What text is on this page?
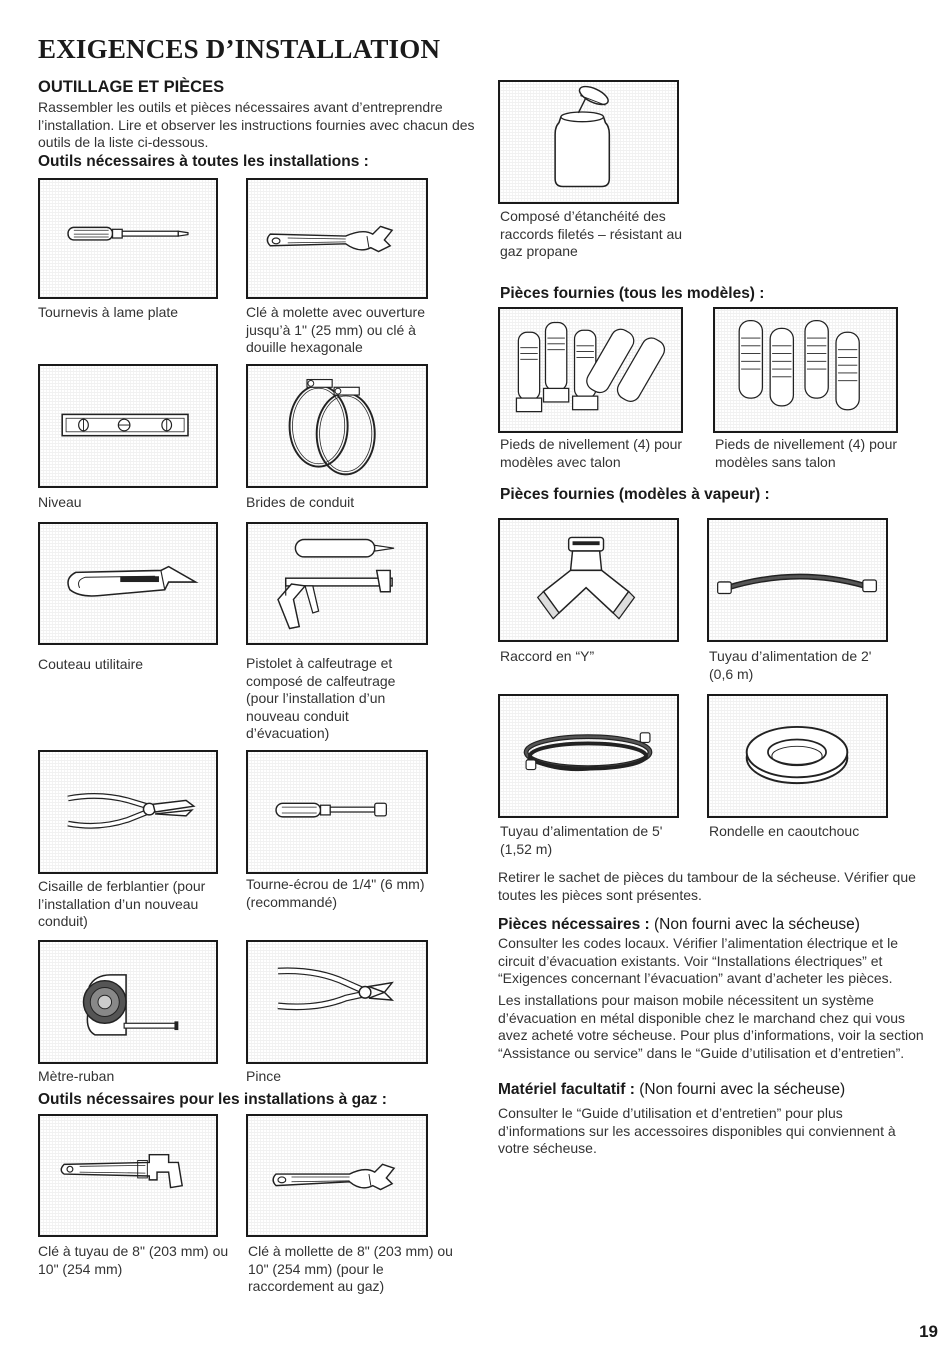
EXIGENCES D’INSTALLATION
OUTILLAGE ET PIÈCES
Rassembler les outils et pièces nécessaires avant d’entreprendre l’installation. Lire et observer les instructions fournies avec chacun des outils de la liste ci-dessous.
Outils nécessaires à toutes les installations :
Tournevis à lame plate	Clé à molette avec ouverture jusqu’à 1" (25 mm) ou clé à douille hexagonale
Niveau	Brides de conduit
Couteau utilitaire	Pistolet à calfeutrage et composé de calfeutrage (pour l’installation d’un nouveau conduit d’évacuation)
Cisaille de ferblantier (pour l’installation d’un nouveau conduit)
Tourne-écrou de 1/4" (6 mm) (recommandé)
Mètre-ruban	Pince
Outils nécessaires pour les installations à gaz :
Clé à tuyau de 8" (203 mm) ou 10" (254 mm)
Clé à mollette de 8" (203 mm) ou 10" (254 mm) (pour le raccordement au gaz)
Composé d’étanchéité des raccords filetés – résistant au gaz propane
Pièces fournies (tous les modèles) :
Pieds de nivellement (4) pour modèles avec talon
Pieds de nivellement (4) pour modèles sans talon
Pièces fournies (modèles à vapeur) :
Raccord en “Y”	Tuyau d’alimentation de 2' (0,6 m)
Tuyau d’alimentation de 5' (1,52 m)
Rondelle en caoutchouc
Retirer le sachet de pièces du tambour de la sécheuse. Vérifier que toutes les pièces sont présentes.
Pièces nécessaires : (Non fourni avec la sécheuse)
Consulter les codes locaux. Vérifier l’alimentation électrique et le circuit d’évacuation existants. Voir “Installations électriques” et “Exigences concernant l’évacuation” avant d’acheter les pièces.
Les installations pour maison mobile nécessitent un système d’évacuation en métal disponible chez le marchand chez qui vous avez acheté votre sécheuse. Pour plus d’informations, voir la section “Assistance ou service” dans le “Guide d’utilisation et d’entretien”.
Matériel facultatif : (Non fourni avec la sécheuse)
Consulter le “Guide d’utilisation et d’entretien” pour plus d’informations sur les accessoires disponibles qui conviennent à votre sécheuse.
19
